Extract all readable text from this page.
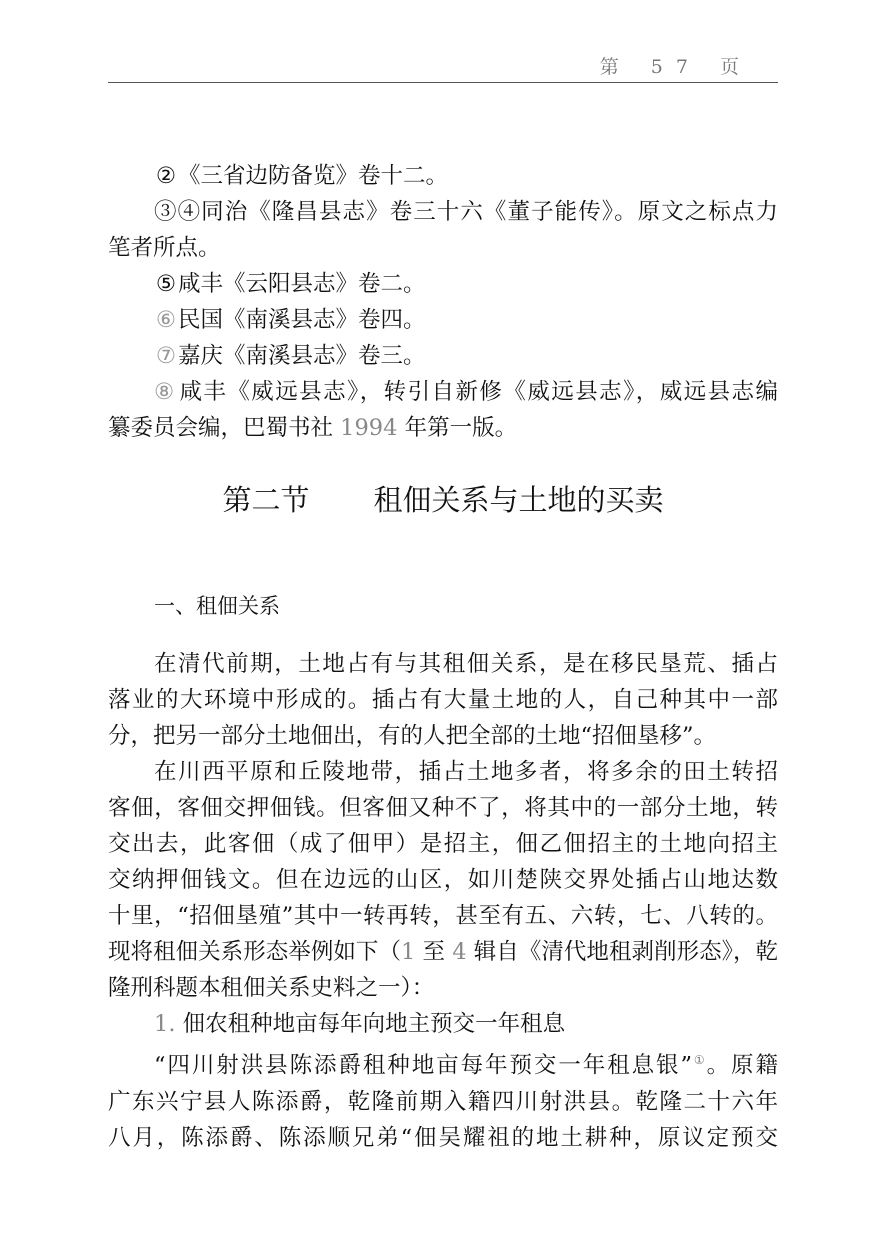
第 57 页
②《三省边防备览》卷十二。
③④同治《隆昌县志》卷三十六《董子能传》。原文之标点力
笔者所点。
⑤咸丰《云阳县志》卷二。
⑥民国《南溪县志》卷四。
⑦嘉庆《南溪县志》卷三。
⑧ 咸丰《威远县志》，转引自新修《威远县志》，威远县志编
纂委员会编，巴蜀书社 1994 年第一版。
第二节 租佃关系与土地的买卖
一、租佃关系
在清代前期，土地占有与其租佃关系，是在移民垦荒、插占
落业的大环境中形成的。插占有大量土地的人，自己种其中一部
分，把另一部分土地佃出，有的人把全部的土地“招佃垦移”。
在川西平原和丘陵地带，插占土地多者，将多余的田土转招
客佃，客佃交押佃钱。但客佃又种不了，将其中的一部分土地，转
交出去，此客佃（成了佃甲）是招主，佃乙佃招主的土地向招主
交纳押佃钱文。但在边远的山区，如川楚陕交界处插占山地达数
十里，“招佃垦殖”其中一转再转，甚至有五、六转，七、八转的。
现将租佃关系形态举例如下（1 至 4 辑自《清代地租剥削形态》，乾
隆刑科题本租佃关系史料之一）：
1. 佃农租种地亩每年向地主预交一年租息
“四川射洪县陈添爵租种地亩每年预交一年租息银”①。原籍
广东兴宁县人陈添爵，乾隆前期入籍四川射洪县。乾隆二十六年
八月，陈添爵、陈添顺兄弟“佃吴耀祖的地土耕种，原议定预交
